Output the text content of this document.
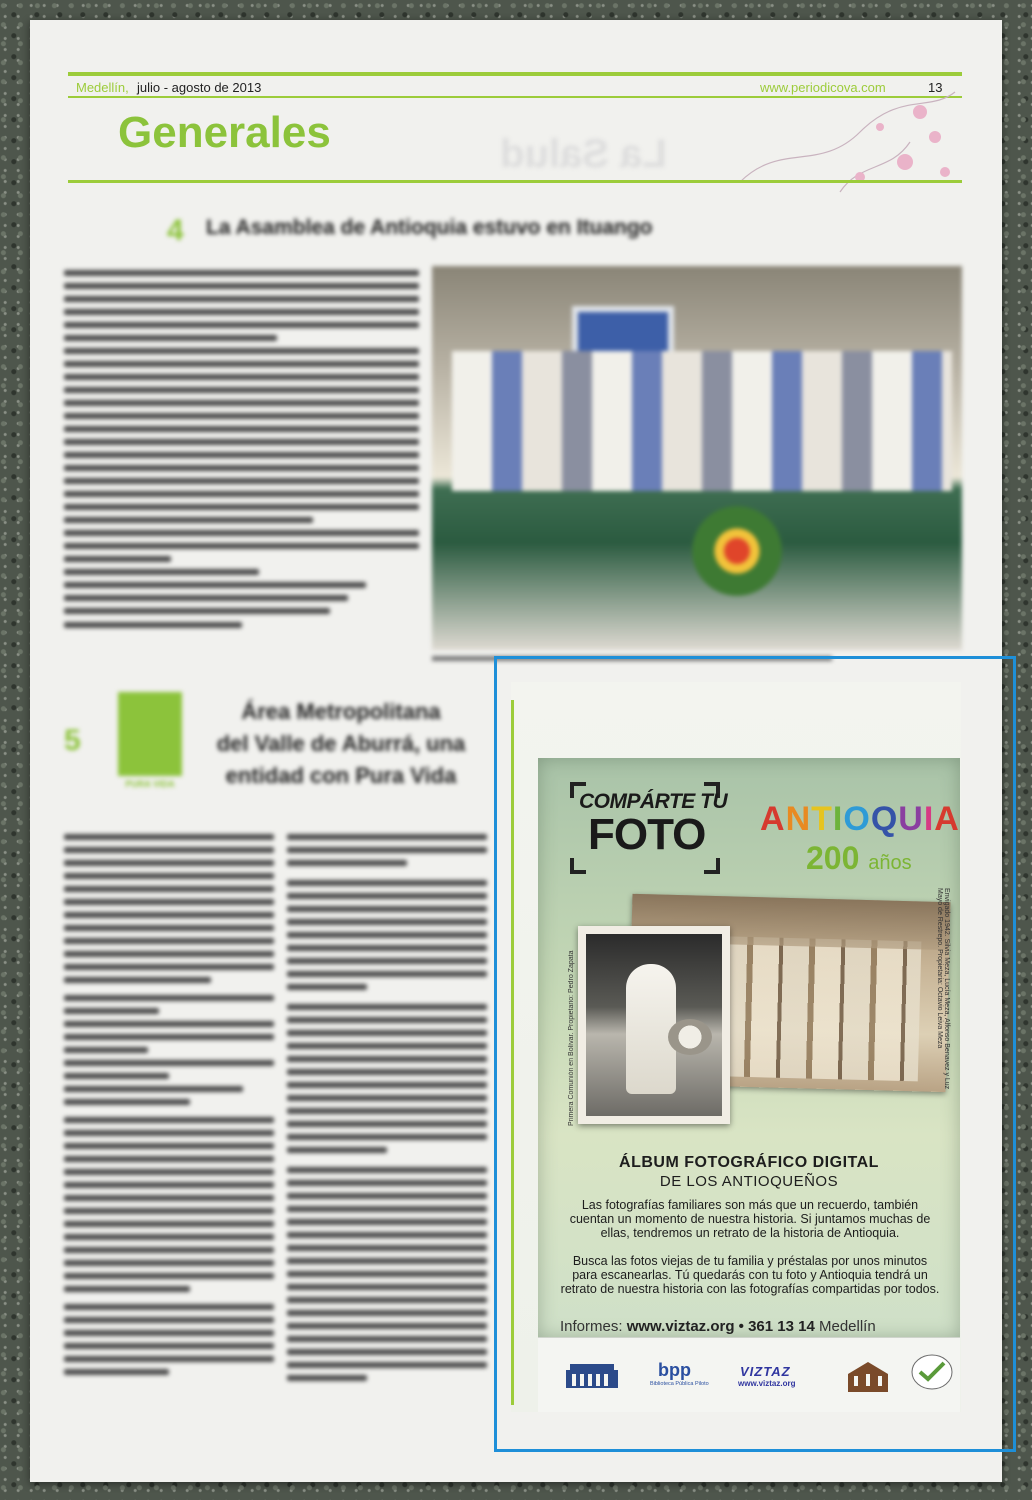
Medellín, julio - agosto de 2013	www.periodicova.com	13
Generales	La Salud
4 La Asamblea de Antioquia estuvo en Ituango
5
PURA VIDA
Área Metropolitana
del Valle de Aburrá, una
entidad con Pura Vida
COMPÁRTE TU
FOTO ANTIOQUIA
200 años
Primera Comunión en Bolívar. Propietario: Pedro Zapata	Envigado 1942. Silvia Meza, Lucía Meza, Alfonso Benavez y Luz Mayo de Restrepo. Propietaria: Octavio Leiva Meza
ÁLBUM FOTOGRÁFICO DIGITAL
DE LOS ANTIOQUEÑOS
Las fotografías familiares son más que un recuerdo, también cuentan un momento de nuestra historia. Si juntamos muchas de ellas, tendremos un retrato de la historia de Antioquia.
Busca las fotos viejas de tu familia y préstalas por unos minutos para escanearlas. Tú quedarás con tu foto y Antioquia tendrá un retrato de nuestra historia con las fotografías compartidas por todos.
Informes: www.viztaz.org • 361 13 14 Medellín
bpp
Biblioteca Pública Piloto
VIZTAZ
www.viztaz.org
